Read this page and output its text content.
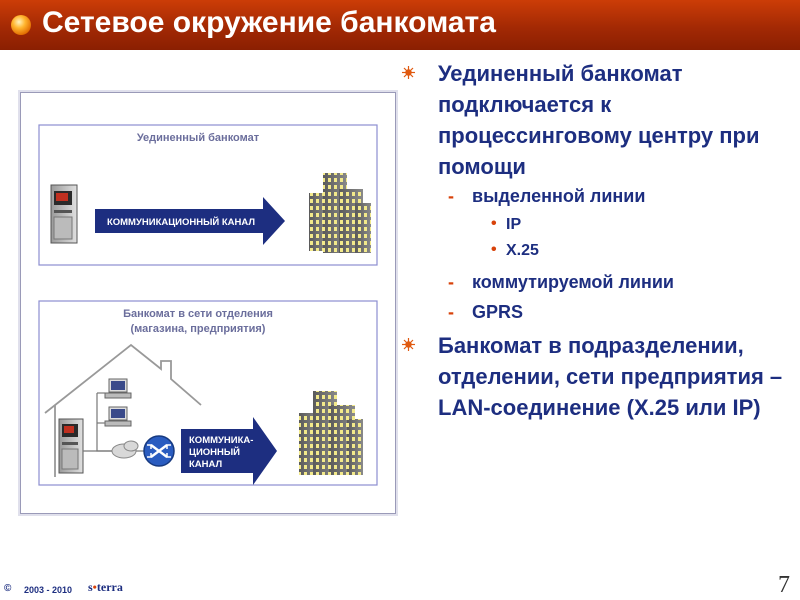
Сетевое окружение банкомата
Уединенный банкомат
КОММУНИКАЦИОННЫЙ КАНАЛ
Банкомат в сети отделения
(магазина, предприятия)
КОММУНИКА-
ЦИОННЫЙ
КАНАЛ

Уединенный банкомат подключается к процессинговому центру при помощи

- выделенной линии

• IP

• X.25

- коммутируемой линии

- GPRS

Банкомат в подразделении, отделении, сети предприятия – LAN-соединение (X.25 или IP)

© 2003 - 2010 s•terra	7
